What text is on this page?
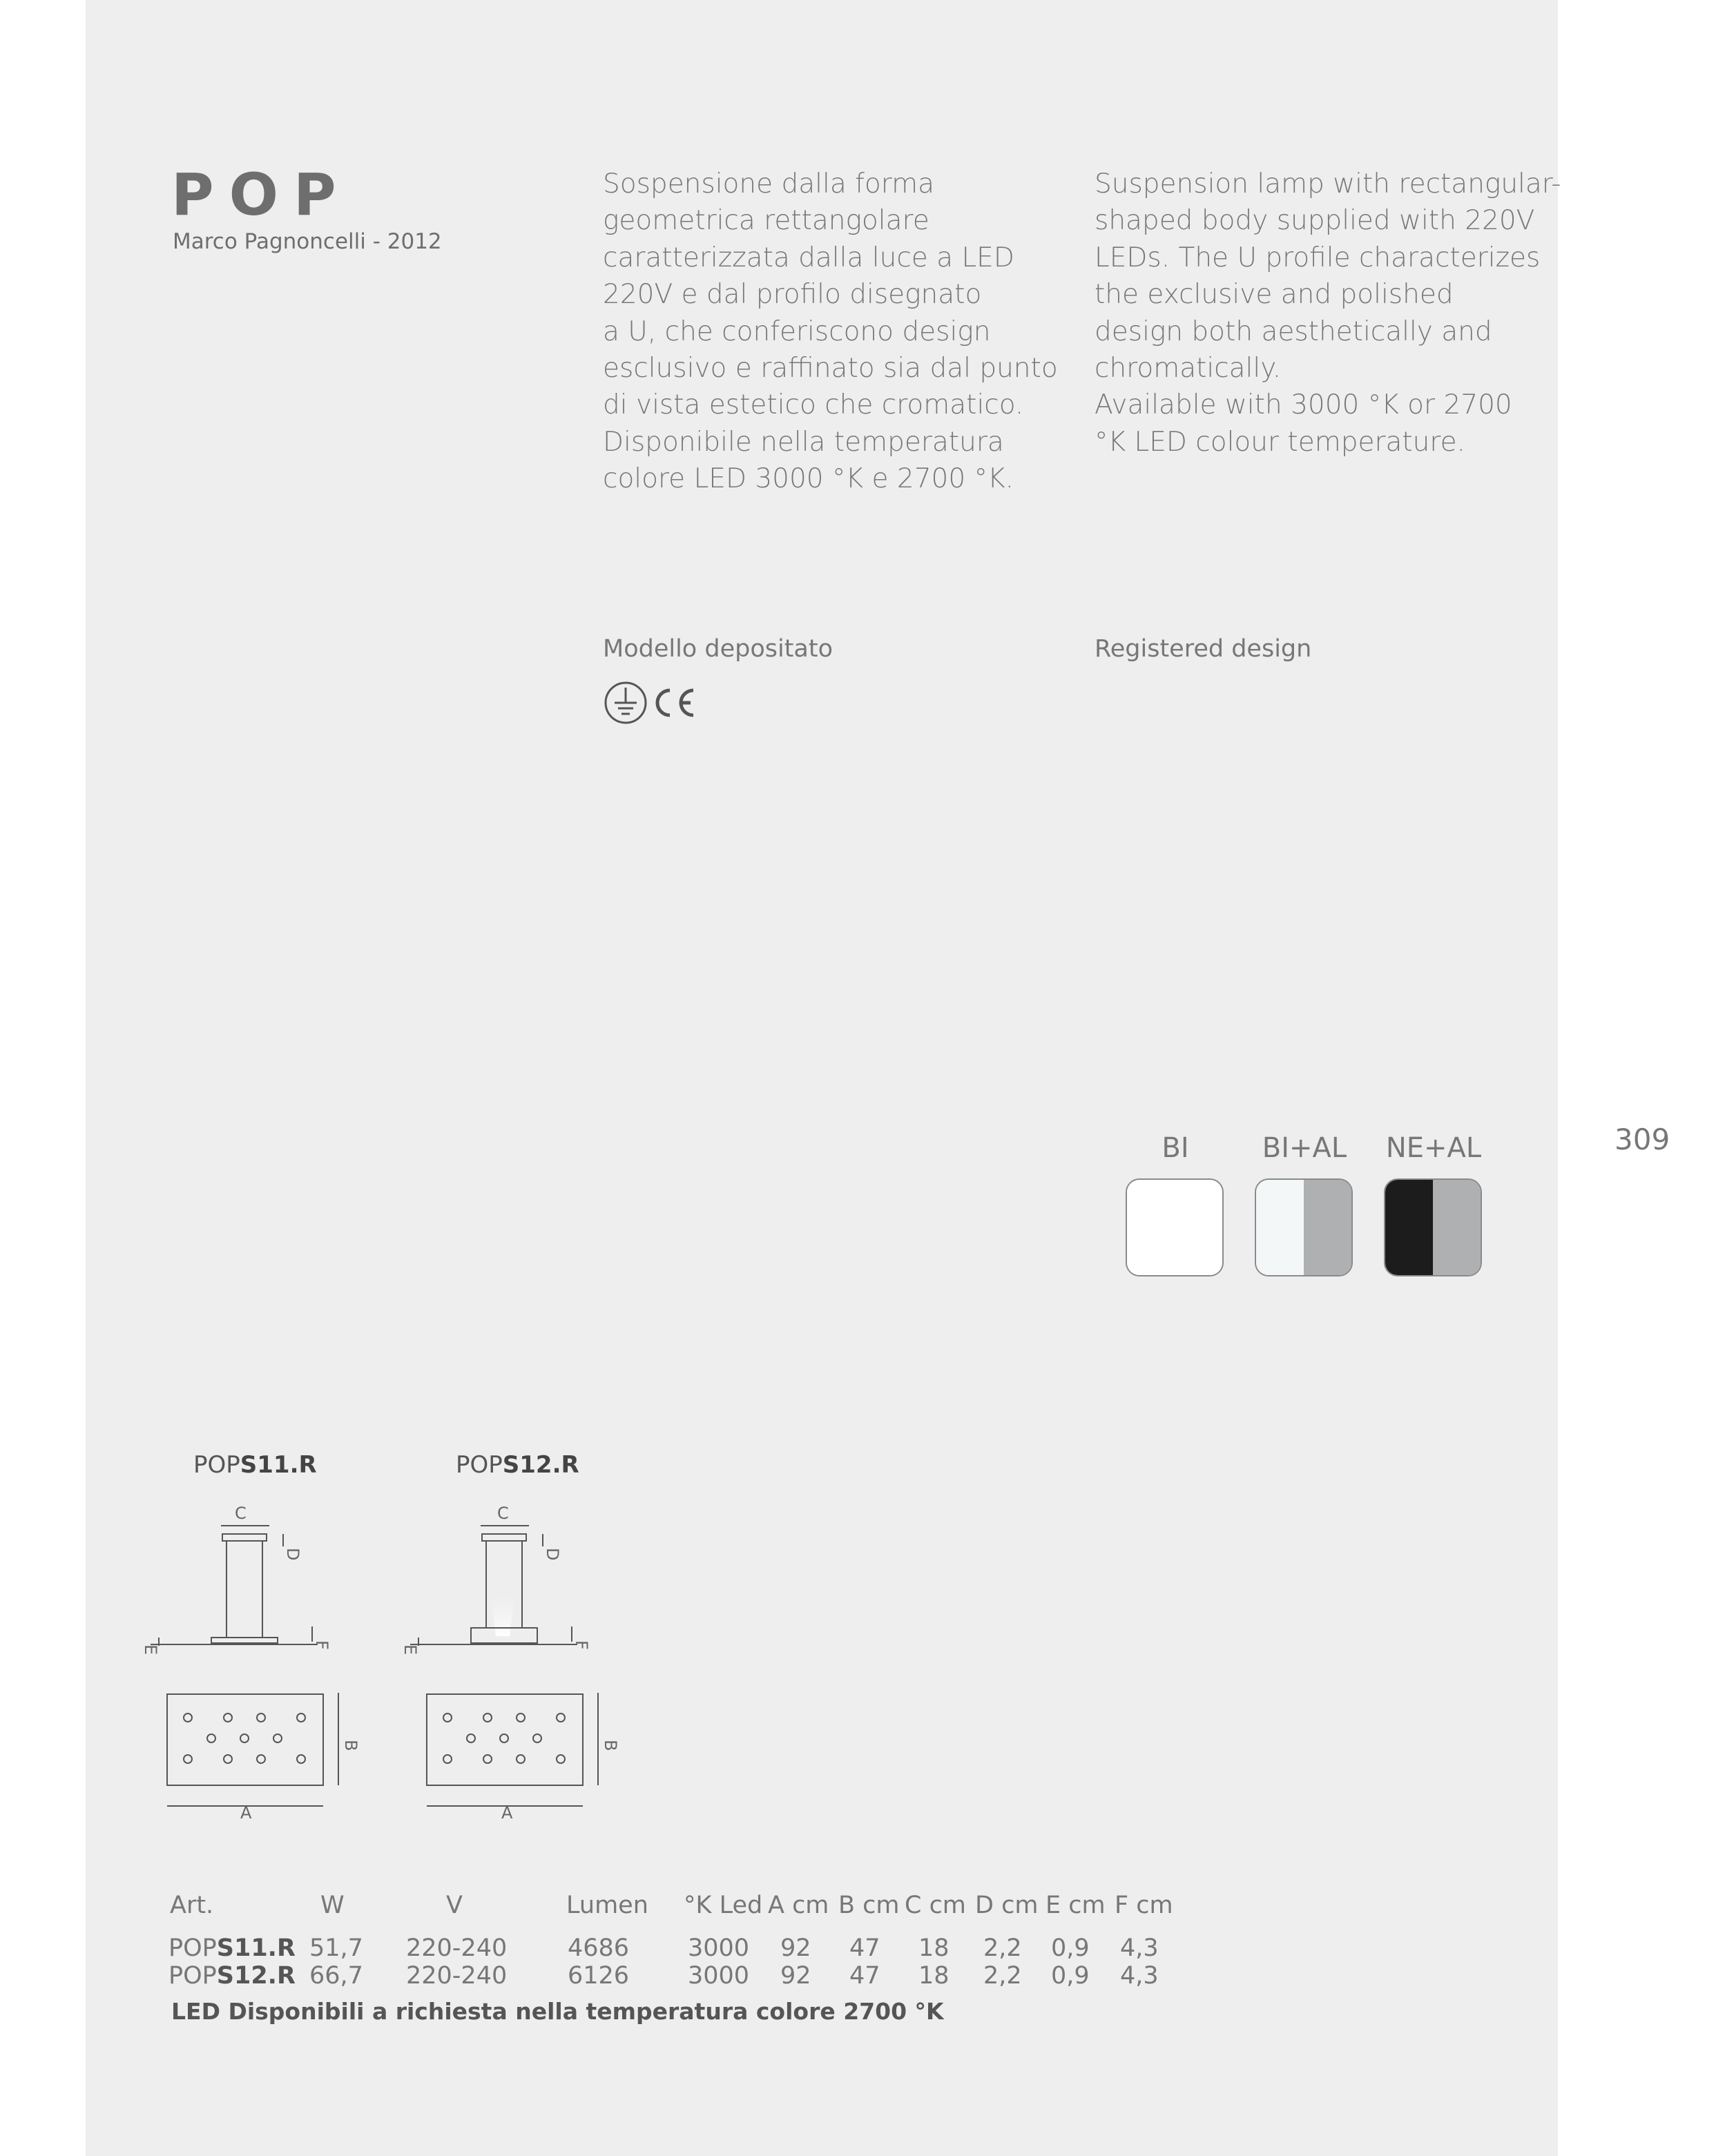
POP
Marco Pagnoncelli - 2012
Sospensione dalla forma
geometrica rettangolare
caratterizzata dalla luce a LED
220V e dal profilo disegnato
a U, che conferiscono design
esclusivo e raffinato sia dal punto
di vista estetico che cromatico.
Disponibile nella temperatura
colore LED 3000 °K e 2700 °K.
Suspension lamp with rectangular-
shaped body supplied with 220V
LEDs. The U profile characterizes
the exclusive and polished
design both aesthetically and
chromatically.
Available with 3000 °K or 2700
°K LED colour temperature.
Modello depositato	Registered design
309
BI	BI+AL	NE+AL
POPS11.R	POPS12.R
C
D
F
E
B
A
C
D
F
E
B
A
Art.	W	V	Lumen °K Led A cm B cm C cm D cm E cm F cm
POPS11.R 51,7 220-240	4686 3000 92 47 18 2,2 0,9 4,3
POPS12.R 66,7 220-240	6126 3000 92 47 18 2,2 0,9 4,3
LED Disponibili a richiesta nella temperatura colore 2700 °K
